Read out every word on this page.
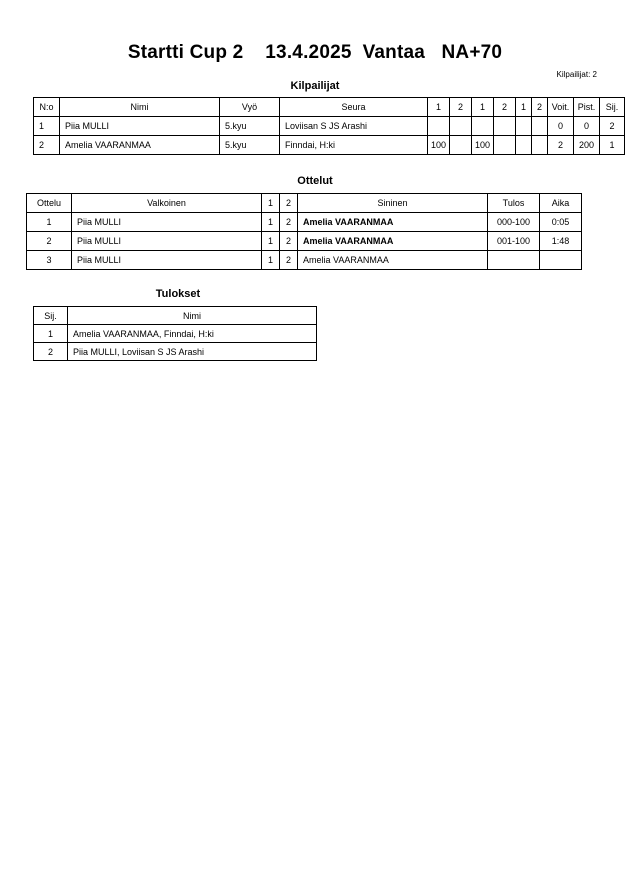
Startti Cup 2    13.4.2025  Vantaa   NA+70
Kilpailijat
Kilpailijat: 2
N:o	Nimi	Vyö	Seura	1	2	1	2	1	2	Voit.	Pist.	Sij.
1	Piia MULLI	5.kyu	Loviisan S JS Arashi							0	0	2
2	Amelia VAARANMAA	5.kyu	Finndai, H:ki	100		100				2	200	1
Ottelut
Ottelu	Valkoinen	1	2	Sininen	Tulos	Aika
1	Piia MULLI	1	2	Amelia VAARANMAA	000-100	0:05
2	Piia MULLI	1	2	Amelia VAARANMAA	001-100	1:48
3	Piia MULLI	1	2	Amelia VAARANMAA		
Tulokset
Sij.	Nimi
1	Amelia VAARANMAA, Finndai, H:ki
2	Piia MULLI, Loviisan S JS Arashi
